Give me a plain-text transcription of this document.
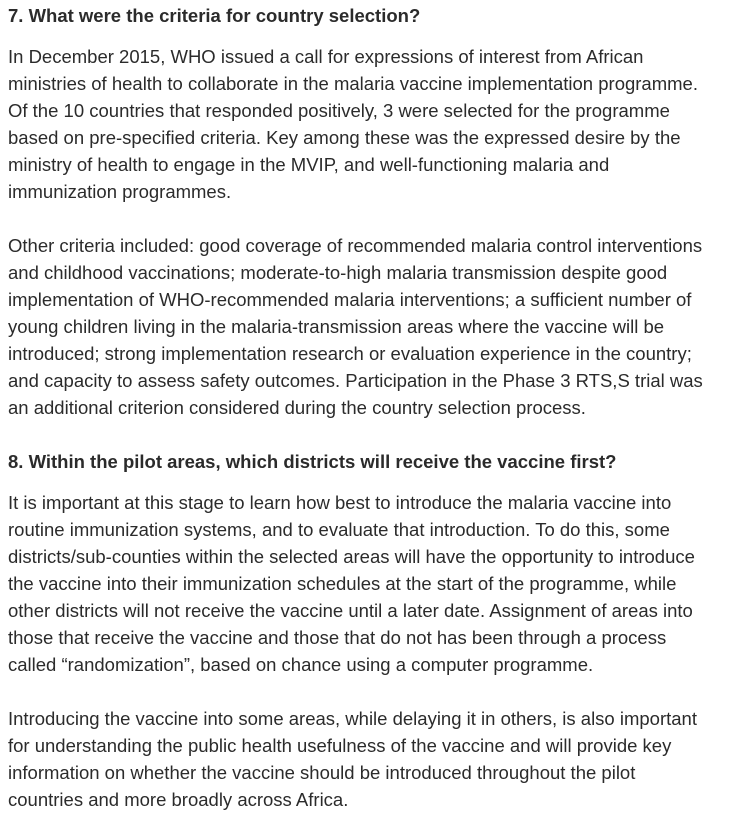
7. What were the criteria for country selection?

In December 2015, WHO issued a call for expressions of interest from African
ministries of health to collaborate in the malaria vaccine implementation programme.
Of the 10 countries that responded positively, 3 were selected for the programme
based on pre-specified criteria. Key among these was the expressed desire by the
ministry of health to engage in the MVIP, and well-functioning malaria and
immunization programmes.

Other criteria included: good coverage of recommended malaria control interventions
and childhood vaccinations; moderate-to-high malaria transmission despite good
implementation of WHO-recommended malaria interventions; a sufficient number of
young children living in the malaria-transmission areas where the vaccine will be
introduced; strong implementation research or evaluation experience in the country;
and capacity to assess safety outcomes. Participation in the Phase 3 RTS,S trial was
an additional criterion considered during the country selection process.

8. Within the pilot areas, which districts will receive the vaccine first?

It is important at this stage to learn how best to introduce the malaria vaccine into
routine immunization systems, and to evaluate that introduction. To do this, some
districts/sub-counties within the selected areas will have the opportunity to introduce
the vaccine into their immunization schedules at the start of the programme, while
other districts will not receive the vaccine until a later date. Assignment of areas into
those that receive the vaccine and those that do not has been through a process
called “randomization”, based on chance using a computer programme.

Introducing the vaccine into some areas, while delaying it in others, is also important
for understanding the public health usefulness of the vaccine and will provide key
information on whether the vaccine should be introduced throughout the pilot
countries and more broadly across Africa.
